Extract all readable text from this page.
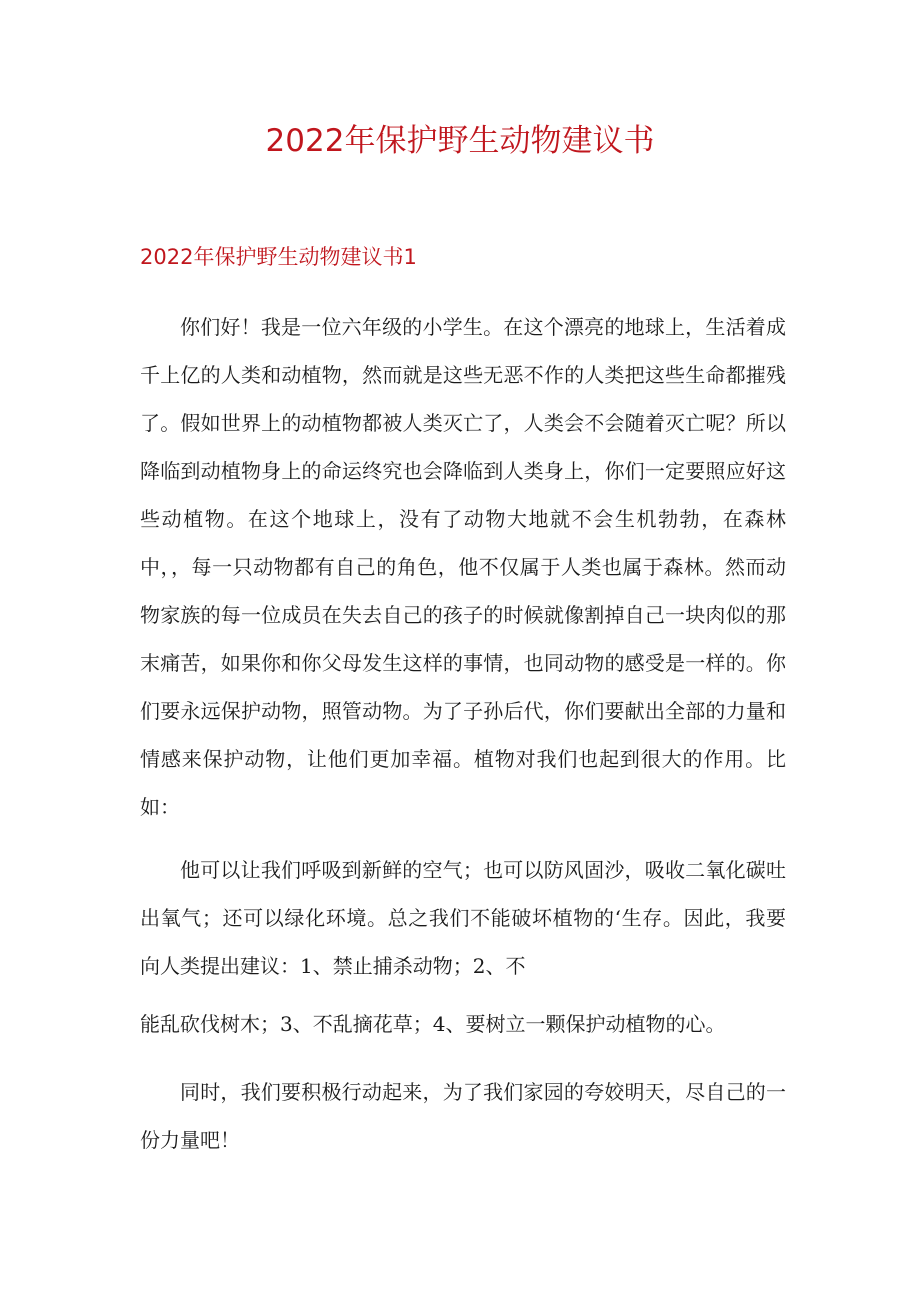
2022年保护野生动物建议书
2022年保护野生动物建议书1

你们好！我是一位六年级的小学生。在这个漂亮的地球上，生活着成千上亿的人类和动植物，然而就是这些无恶不作的人类把这些生命都摧残了。假如世界上的动植物都被人类灭亡了，人类会不会随着灭亡呢？所以降临到动植物身上的命运终究也会降临到人类身上，你们一定要照应好这些动植物。在这个地球上，没有了动物大地就不会生机勃勃，在森林中，，每一只动物都有自己的角色，他不仅属于人类也属于森林。然而动物家族的每一位成员在失去自己的孩子的时候就像割掉自己一块肉似的那末痛苦，如果你和你父母发生这样的事情，也同动物的感受是一样的。你们要永远保护动物，照管动物。为了子孙后代，你们要献出全部的力量和情感来保护动物，让他们更加幸福。植物对我们也起到很大的作用。比如：

他可以让我们呼吸到新鲜的空气；也可以防风固沙，吸收二氧化碳吐出氧气；还可以绿化环境。总之我们不能破坏植物的‘生存。因此，我要向人类提出建议：1、禁止捕杀动物；2、不

能乱砍伐树木；3、不乱摘花草；4、要树立一颗保护动植物的心。

同时，我们要积极行动起来，为了我们家园的夸姣明天，尽自己的一份力量吧！
